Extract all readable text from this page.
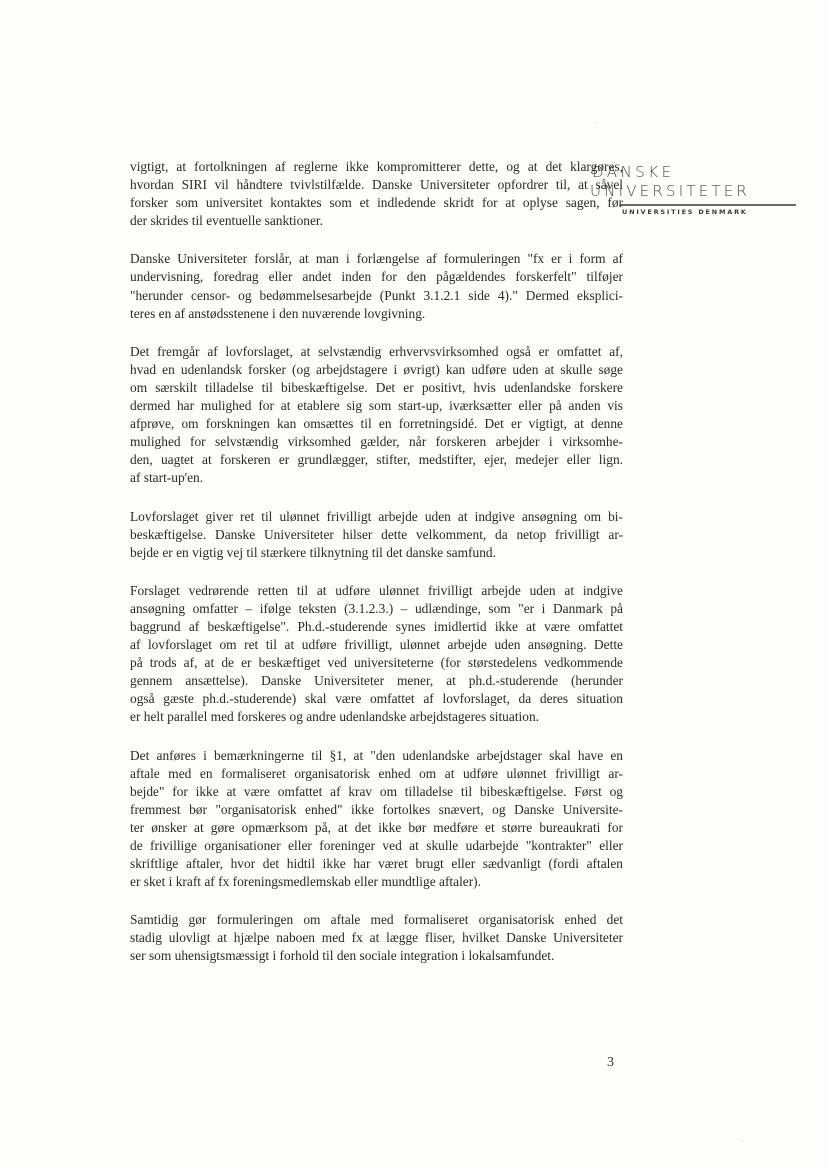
DANSKE
UNIVERSITETER
UNIVERSITIES DENMARK

vigtigt, at fortolkningen af reglerne ikke kompromitterer dette, og at det klargøres,
hvordan SIRI vil håndtere tvivlstilfælde. Danske Universiteter opfordrer til, at såvel
forsker som universitet kontaktes som et indledende skridt for at oplyse sagen, før
der skrides til eventuelle sanktioner.

Danske Universiteter forslår, at man i forlængelse af formuleringen "fx er i form af
undervisning, foredrag eller andet inden for den pågældendes forskerfelt" tilføjer
"herunder censor- og bedømmelsesarbejde (Punkt 3.1.2.1 side 4)." Dermed eksplici-
teres en af anstødsstenene i den nuværende lovgivning.

Det fremgår af lovforslaget, at selvstændig erhvervsvirksomhed også er omfattet af,
hvad en udenlandsk forsker (og arbejdstagere i øvrigt) kan udføre uden at skulle søge
om særskilt tilladelse til bibeskæftigelse. Det er positivt, hvis udenlandske forskere
dermed har mulighed for at etablere sig som start-up, iværksætter eller på anden vis
afprøve, om forskningen kan omsættes til en forretningsidé. Det er vigtigt, at denne
mulighed for selvstændig virksomhed gælder, når forskeren arbejder i virksomhe-
den, uagtet at forskeren er grundlægger, stifter, medstifter, ejer, medejer eller lign.
af start-up'en.

Lovforslaget giver ret til ulønnet frivilligt arbejde uden at indgive ansøgning om bi-
beskæftigelse. Danske Universiteter hilser dette velkomment, da netop frivilligt ar-
bejde er en vigtig vej til stærkere tilknytning til det danske samfund.

Forslaget vedrørende retten til at udføre ulønnet frivilligt arbejde uden at indgive
ansøgning omfatter – ifølge teksten (3.1.2.3.) – udlændinge, som "er i Danmark på
baggrund af beskæftigelse". Ph.d.-studerende synes imidlertid ikke at være omfattet
af lovforslaget om ret til at udføre frivilligt, ulønnet arbejde uden ansøgning. Dette
på trods af, at de er beskæftiget ved universiteterne (for størstedelens vedkommende
gennem ansættelse). Danske Universiteter mener, at ph.d.-studerende (herunder
også gæste ph.d.-studerende) skal være omfattet af lovforslaget, da deres situation
er helt parallel med forskeres og andre udenlandske arbejdstageres situation.

Det anføres i bemærkningerne til §1, at "den udenlandske arbejdstager skal have en
aftale med en formaliseret organisatorisk enhed om at udføre ulønnet frivilligt ar-
bejde" for ikke at være omfattet af krav om tilladelse til bibeskæftigelse. Først og
fremmest bør "organisatorisk enhed" ikke fortolkes snævert, og Danske Universite-
ter ønsker at gøre opmærksom på, at det ikke bør medføre et større bureaukrati for
de frivillige organisationer eller foreninger ved at skulle udarbejde "kontrakter" eller
skriftlige aftaler, hvor det hidtil ikke har været brugt eller sædvanligt (fordi aftalen
er sket i kraft af fx foreningsmedlemskab eller mundtlige aftaler).

Samtidig gør formuleringen om aftale med formaliseret organisatorisk enhed det
stadig ulovligt at hjælpe naboen med fx at lægge fliser, hvilket Danske Universiteter
ser som uhensigtsmæssigt i forhold til den sociale integration i lokalsamfundet.

3
